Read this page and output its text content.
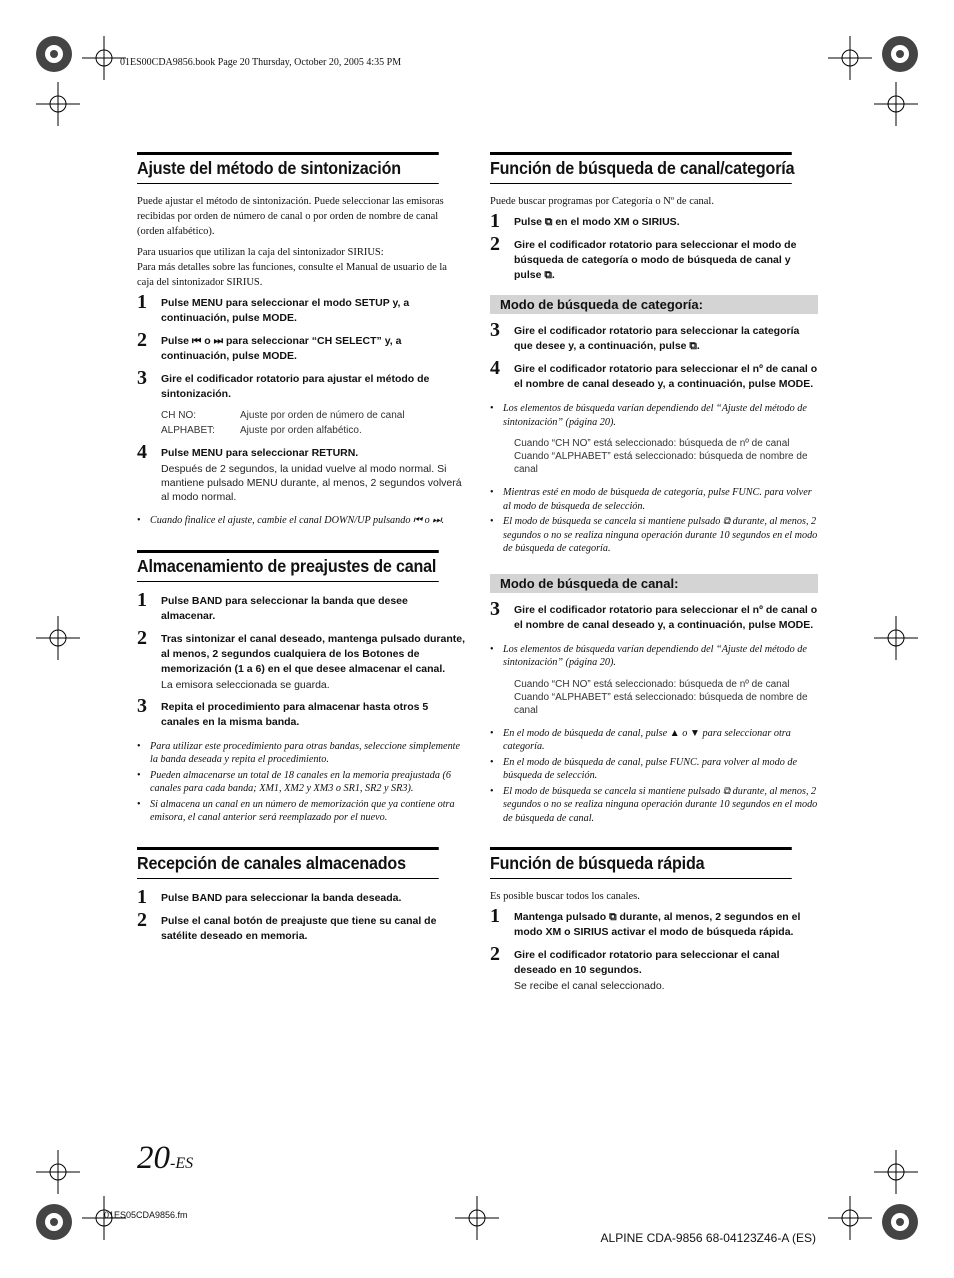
01ES00CDA9856.book Page 20 Thursday, October 20, 2005 4:35 PM
Ajuste del método de sintonización
Puede ajustar el método de sintonización. Puede seleccionar las emisoras recibidas por orden de número de canal o por orden de nombre de canal (orden alfabético).
Para usuarios que utilizan la caja del sintonizador SIRIUS:
Para más detalles sobre las funciones, consulte el Manual de usuario de la caja del sintonizador SIRIUS.
1 Pulse MENU para seleccionar el modo SETUP y, a continuación, pulse MODE.
2 Pulse ⏮ o ⏭ para seleccionar “CH SELECT” y, a continuación, pulse MODE.
3 Gire el codificador rotatorio para ajustar el método de sintonización.
CH NO:	Ajuste por orden de número de canal
ALPHABET:	Ajuste por orden alfabético.
4 Pulse MENU para seleccionar RETURN.
Después de 2 segundos, la unidad vuelve al modo normal. Si mantiene pulsado MENU durante, al menos, 2 segundos volverá al modo normal.
• Cuando finalice el ajuste, cambie el canal DOWN/UP pulsando ⏮ o ⏭.
Almacenamiento de preajustes de canal
1 Pulse BAND para seleccionar la banda que desee almacenar.
2 Tras sintonizar el canal deseado, mantenga pulsado durante, al menos, 2 segundos cualquiera de los Botones de memorización (1 a 6) en el que desee almacenar el canal.
La emisora seleccionada se guarda.
3 Repita el procedimiento para almacenar hasta otros 5 canales en la misma banda.
• Para utilizar este procedimiento para otras bandas, seleccione simplemente la banda deseada y repita el procedimiento.
• Pueden almacenarse un total de 18 canales en la memoria preajustada (6 canales para cada banda; XM1, XM2 y XM3 o SR1, SR2 y SR3).
• Si almacena un canal en un número de memorización que ya contiene otra emisora, el canal anterior será reemplazado por el nuevo.
Recepción de canales almacenados
1 Pulse BAND para seleccionar la banda deseada.
2 Pulse el canal botón de preajuste que tiene su canal de satélite deseado en memoria.
Función de búsqueda de canal/categoría
Puede buscar programas por Categoría o Nº de canal.
1 Pulse ⧉ en el modo XM o SIRIUS.
2 Gire el codificador rotatorio para seleccionar el modo de búsqueda de categoría o modo de búsqueda de canal y pulse ⧉.
Modo de búsqueda de categoría:
3 Gire el codificador rotatorio para seleccionar la categoría que desee y, a continuación, pulse ⧉.
4 Gire el codificador rotatorio para seleccionar el nº de canal o el nombre de canal deseado y, a continuación, pulse MODE.
• Los elementos de búsqueda varían dependiendo del “Ajuste del método de sintonización” (página 20).
Cuando “CH NO” está seleccionado: búsqueda de nº de canal
Cuando “ALPHABET” está seleccionado: búsqueda de nombre de canal
• Mientras esté en modo de búsqueda de categoría, pulse FUNC. para volver al modo de búsqueda de selección.
• El modo de búsqueda se cancela si mantiene pulsado ⧉ durante, al menos, 2 segundos o no se realiza ninguna operación durante 10 segundos en el modo de búsqueda de categoría.
Modo de búsqueda de canal:
3 Gire el codificador rotatorio para seleccionar el nº de canal o el nombre de canal deseado y, a continuación, pulse MODE.
• Los elementos de búsqueda varían dependiendo del “Ajuste del método de sintonización” (página 20).
Cuando “CH NO” está seleccionado: búsqueda de nº de canal
Cuando “ALPHABET” está seleccionado: búsqueda de nombre de canal
• En el modo de búsqueda de canal, pulse ▲ o ▼ para seleccionar otra categoría.
• En el modo de búsqueda de canal, pulse FUNC. para volver al modo de búsqueda de selección.
• El modo de búsqueda se cancela si mantiene pulsado ⧉ durante, al menos, 2 segundos o no se realiza ninguna operación durante 10 segundos en el modo de búsqueda de canal.
Función de búsqueda rápida
Es posible buscar todos los canales.
1 Mantenga pulsado ⧉ durante, al menos, 2 segundos en el modo XM o SIRIUS activar el modo de búsqueda rápida.
2 Gire el codificador rotatorio para seleccionar el canal deseado en 10 segundos.
Se recibe el canal seleccionado.
20-ES
01ES05CDA9856.fm
ALPINE CDA-9856 68-04123Z46-A (ES)
